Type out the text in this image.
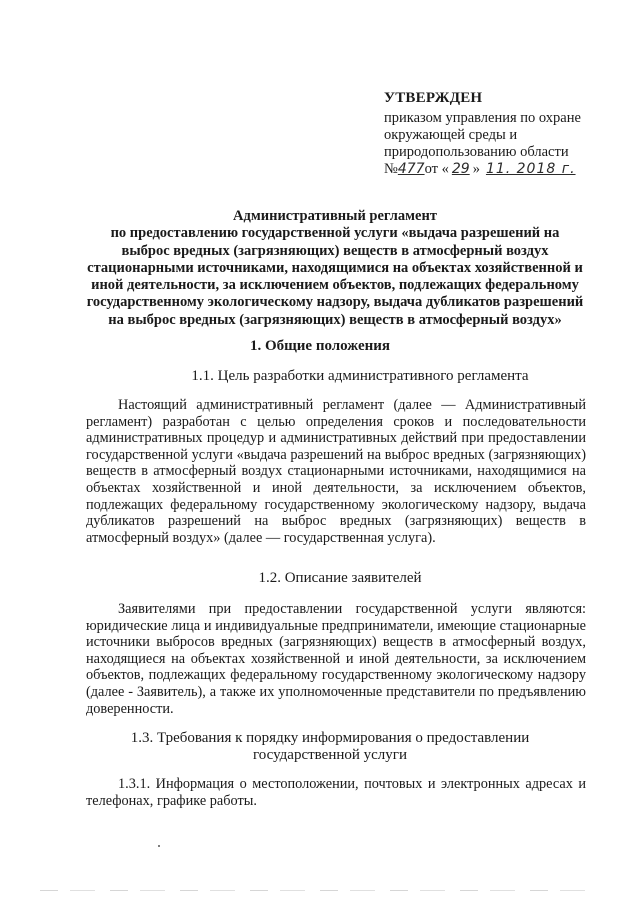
УТВЕРЖДЕН
приказом управления по охране
окружающей среды и
природопользованию области
№477от « 29 » 11. 2018 г.
Административный регламент
по предоставлению государственной услуги «выдача разрешений на
выброс вредных (загрязняющих) веществ в атмосферный воздух
стационарными источниками, находящимися на объектах хозяйственной и
иной деятельности, за исключением объектов, подлежащих федеральному
государственному экологическому надзору, выдача дубликатов разрешений
на выброс вредных (загрязняющих) веществ в атмосферный воздух»
1. Общие положения
1.1. Цель разработки административного регламента
Настоящий административный регламент (далее — Административный регламент) разработан с целью определения сроков и последовательности административных процедур и административных действий при предоставлении государственной услуги «выдача разрешений на выброс вредных (загрязняющих) веществ в атмосферный воздух стационарными источниками, находящимися на объектах хозяйственной и иной деятельности, за исключением объектов, подлежащих федеральному государственному экологическому надзору, выдача дубликатов разрешений на выброс вредных (загрязняющих) веществ в атмосферный воздух» (далее — государственная услуга).
1.2. Описание заявителей
Заявителями при предоставлении государственной услуги являются: юридические лица и индивидуальные предприниматели, имеющие стационарные источники выбросов вредных (загрязняющих) веществ в атмосферный воздух, находящиеся на объектах хозяйственной и иной деятельности, за исключением объектов, подлежащих федеральному государственному экологическому надзору (далее - Заявитель), а также их уполномоченные представители по предъявлению доверенности.
1.3. Требования к порядку информирования о предоставлении
государственной услуги
1.3.1. Информация о местоположении, почтовых и электронных адресах и телефонах, графике работы.
